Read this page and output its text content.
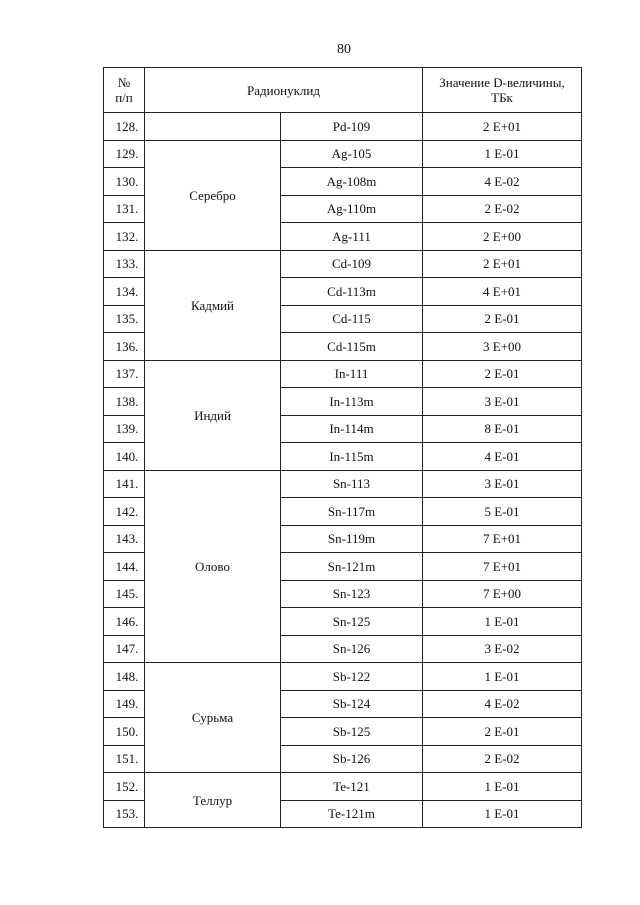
80
№
п/п	Радионуклид		Значение D-величины,
ТБк
128.		Pd-109	2 E+01
129.	Серебро	Ag-105	1 E-01
130.		Ag-108m	4 E-02
131.		Ag-110m	2 E-02
132.		Ag-111	2 E+00
133.	Кадмий	Cd-109	2 E+01
134.		Cd-113m	4 E+01
135.		Cd-115	2 E-01
136.		Cd-115m	3 E+00
137.	Индий	In-111	2 E-01
138.		In-113m	3 E-01
139.		In-114m	8 E-01
140.		In-115m	4 E-01
141.	Олово	Sn-113	3 E-01
142.		Sn-117m	5 E-01
143.		Sn-119m	7 E+01
144.		Sn-121m	7 E+01
145.		Sn-123	7 E+00
146.		Sn-125	1 E-01
147.		Sn-126	3 E-02
148.	Сурьма	Sb-122	1 E-01
149.		Sb-124	4 E-02
150.		Sb-125	2 E-01
151.		Sb-126	2 E-02
152.	Теллур	Te-121	1 E-01
153.		Te-121m	1 E-01
